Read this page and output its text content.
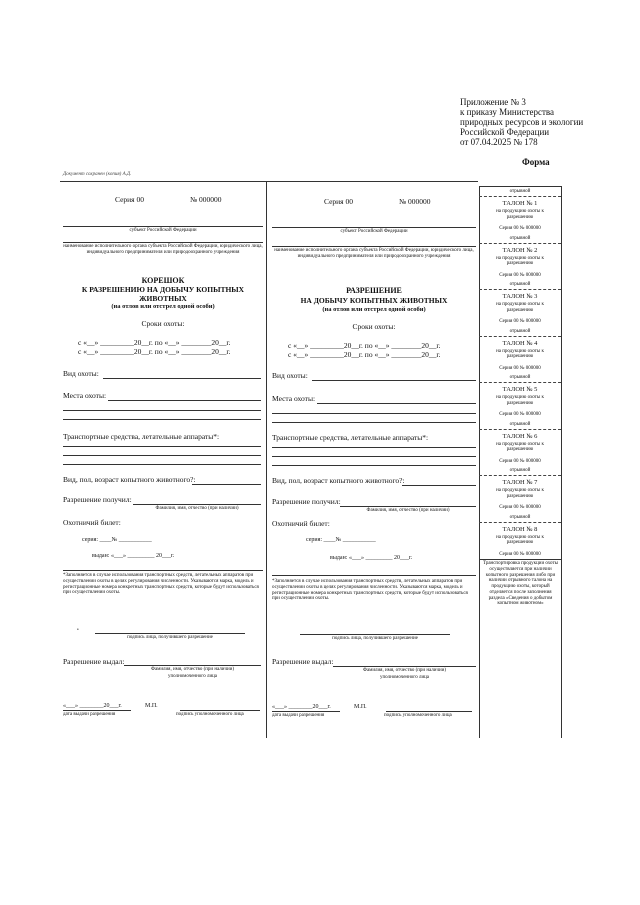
Приложение № 3
к приказу Министерства
природных ресурсов и экологии
Российской Федерации
от 07.04.2025 № 178
Форма
Документ сохранен (копия) А.Д.
Серия 00	№ 000000
субъект Российской Федерации
наименование исполнительного органа субъекта Российской Федерации, юридического лица, индивидуального предпринимателя или природоохранного учреждения
КОРЕШОК
К РАЗРЕШЕНИЮ НА ДОБЫЧУ КОПЫТНЫХ
ЖИВОТНЫХ
(на отлов или отстрел одной особи)
Сроки охоты:
с «__» _________20__г. по «__» ________20__г.
с «__» _________20__г. по «__» ________20__г.
Вид охоты:
Места охоты:
Транспортные средства, летательные аппараты*:
Вид, пол, возраст копытного животного?:
Разрешение получил:
Фамилия, имя, отчество (при наличии)
Охотничий билет:
серия: ____№ ___________
выдан: «___» _________ 20___г.
*Заполняется в случае использования транспортных средств, летательных аппаратов при осуществлении охоты в целях регулирования численности. Указываются марка, модель и регистрационные номера конкретных транспортных средств, которые будут использоваться при осуществлении охоты.
•
подпись лица, получившего разрешение
Разрешение выдал:
Фамилия, имя, отчество (при наличии)
уполномоченного лица
«___» ________20___г.	М.П.
дата выдачи разрешения	подпись уполномоченного лица
Серия 00	№ 000000
субъект Российской Федерации
наименование исполнительного органа субъекта Российской Федерации, юридического лица, индивидуального предпринимателя или природоохранного учреждения
РАЗРЕШЕНИЕ
НА ДОБЫЧУ КОПЫТНЫХ ЖИВОТНЫХ
(на отлов или отстрел одной особи)
Сроки охоты:
с «__» _________20__г. по «__» ________20__г.
с «__» _________20__г. по «__» ________20__г.
Вид охоты:
Места охоты:
Транспортные средства, летательные аппараты*:
Вид, пол, возраст копытного животного?:
Разрешение получил:
Фамилия, имя, отчество (при наличии)
Охотничий билет:
серия: ____№ ___________
выдан: «___» _________ 20___г.
*Заполняется в случае использования транспортных средств, летательных аппаратов при осуществлении охоты в целях регулирования численности. Указываются марка, модель и регистрационные номера конкретных транспортных средств, которые будут использоваться при осуществлении охоты.
подпись лица, получившего разрешение
Разрешение выдал:
Фамилия, имя, отчество (при наличии)
уполномоченного лица
«___» ________20___г.	М.П.
дата выдачи разрешения	подпись уполномоченного лица
отрывной
ТАЛОН № 1
на продукцию охоты к разрешению
Серия 00 № 000000
отрывной
ТАЛОН № 2
на продукцию охоты к разрешению
Серия 00 № 000000
отрывной
ТАЛОН № 3
на продукцию охоты к разрешению
Серия 00 № 000000
отрывной
ТАЛОН № 4
на продукцию охоты к разрешению
Серия 00 № 000000
отрывной
ТАЛОН № 5
на продукцию охоты к разрешению
Серия 00 № 000000
отрывной
ТАЛОН № 6
на продукцию охоты к разрешению
Серия 00 № 000000
отрывной
ТАЛОН № 7
на продукцию охоты к разрешению
Серия 00 № 000000
отрывной
ТАЛОН № 8
на продукцию охоты к разрешению
Серия 00 № 000000
Транспортировка продукции охоты осуществляется при наличии копытного разрешения либо при наличии отрывного талона на продукцию охоты, который отделяется после заполнения раздела «Сведения о добытом копытном животном»
